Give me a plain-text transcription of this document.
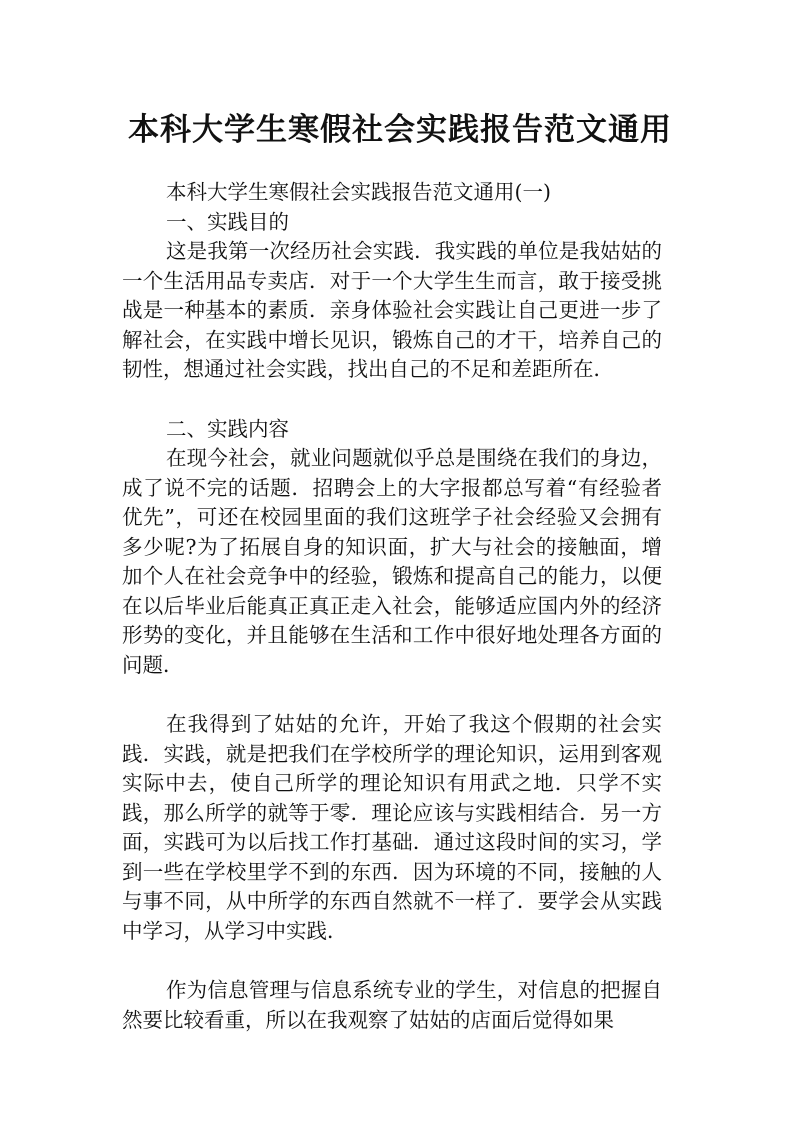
本科大学生寒假社会实践报告范文通用

本科大学生寒假社会实践报告范文通用(一)

一、实践目的

这是我第一次经历社会实践．我实践的单位是我姑姑的一个生活用品专卖店．对于一个大学生生而言，敢于接受挑战是一种基本的素质．亲身体验社会实践让自己更进一步了解社会，在实践中增长见识，锻炼自己的才干，培养自己的韧性，想通过社会实践，找出自己的不足和差距所在．

二、实践内容

在现今社会，就业问题就似乎总是围绕在我们的身边，成了说不完的话题．招聘会上的大字报都总写着“有经验者优先”，可还在校园里面的我们这班学子社会经验又会拥有多少呢?为了拓展自身的知识面，扩大与社会的接触面，增加个人在社会竞争中的经验，锻炼和提高自己的能力，以便在以后毕业后能真正真正走入社会，能够适应国内外的经济形势的变化，并且能够在生活和工作中很好地处理各方面的问题．

在我得到了姑姑的允许，开始了我这个假期的社会实践．实践，就是把我们在学校所学的理论知识，运用到客观实际中去，使自己所学的理论知识有用武之地．只学不实践，那么所学的就等于零．理论应该与实践相结合．另一方面，实践可为以后找工作打基础．通过这段时间的实习，学到一些在学校里学不到的东西．因为环境的不同，接触的人与事不同，从中所学的东西自然就不一样了．要学会从实践中学习，从学习中实践．

作为信息管理与信息系统专业的学生，对信息的把握自然要比较看重，所以在我观察了姑姑的店面后觉得如果
